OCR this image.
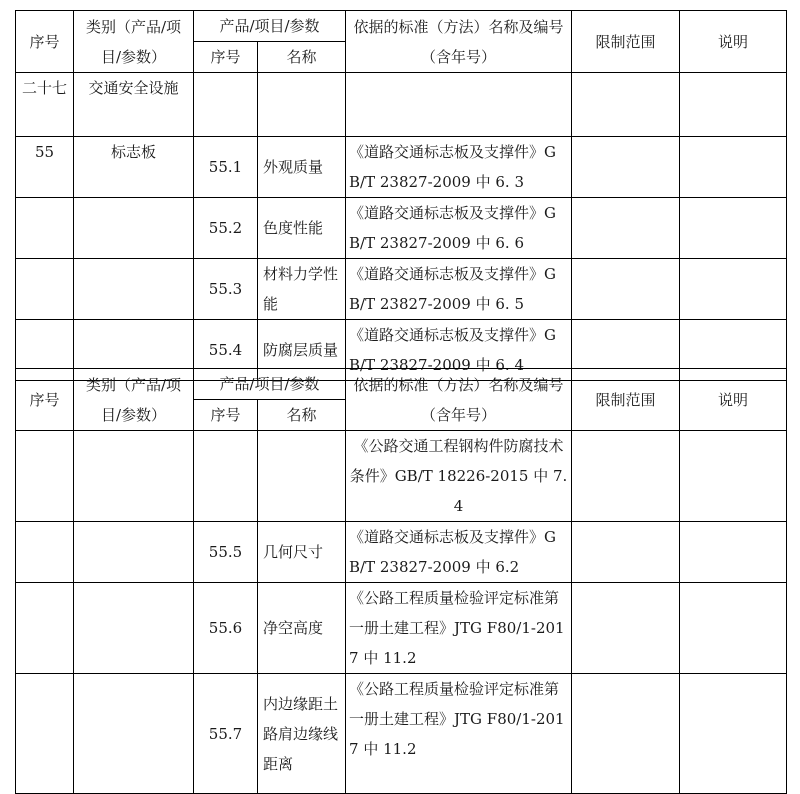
序号	类别（产品/项目/参数）	产品/项目/参数		依据的标准（方法）名称及编号（含年号）	限制范围	说明
		序号	名称			
二十七	交通安全设施					
55	标志板	55.1	外观质量	《道路交通标志板及支撑件》GB/T 23827-2009 中 6. 3		
		55.2	色度性能	《道路交通标志板及支撑件》GB/T 23827-2009 中 6. 6		
		55.3	材料力学性能	《道路交通标志板及支撑件》GB/T 23827-2009 中 6. 5		
		55.4	防腐层质量	《道路交通标志板及支撑件》GB/T 23827-2009 中 6. 4		
序号	类别（产品/项目/参数）	产品/项目/参数		依据的标准（方法）名称及编号（含年号）	限制范围	说明
		序号	名称			
				《公路交通工程钢构件防腐技术条件》GB/T 18226-2015 中 7. 4		
		55.5	几何尺寸	《道路交通标志板及支撑件》GB/T 23827-2009 中 6.2		
		55.6	净空高度	《公路工程质量检验评定标准第一册土建工程》JTG F80/1-2017 中 11.2		
		55.7	内边缘距土路肩边缘线距离	《公路工程质量检验评定标准第一册土建工程》JTG F80/1-2017 中 11.2		
